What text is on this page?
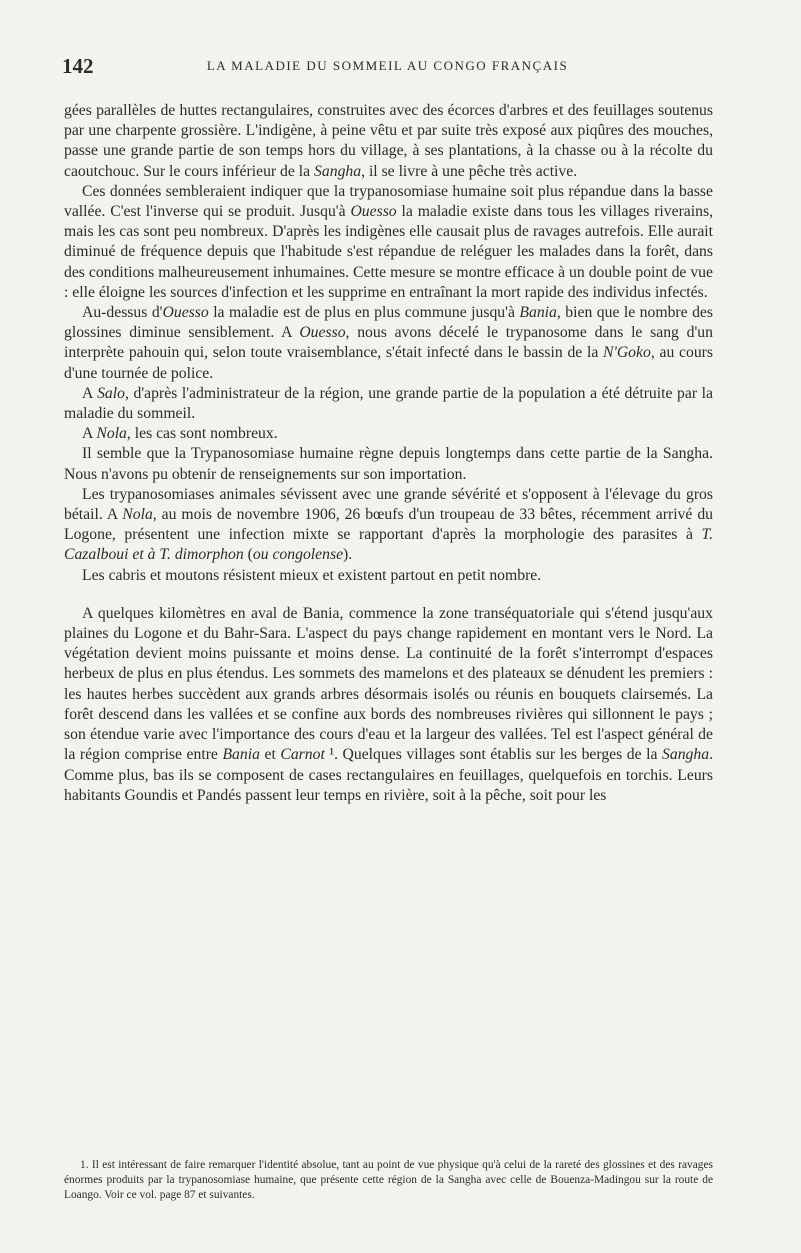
142	LA MALADIE DU SOMMEIL AU CONGO FRANÇAIS

gées parallèles de huttes rectangulaires, construites avec des écorces d'arbres et des feuillages soutenus par une charpente grossière. L'indigène, à peine vêtu et par suite très exposé aux piqûres des mouches, passe une grande partie de son temps hors du village, à ses plantations, à la chasse ou à la récolte du caoutchouc. Sur le cours inférieur de la Sangha, il se livre à une pêche très active.

Ces données sembleraient indiquer que la trypanosomiase humaine soit plus répandue dans la basse vallée. C'est l'inverse qui se produit. Jusqu'à Ouesso la maladie existe dans tous les villages riverains, mais les cas sont peu nombreux. D'après les indigènes elle causait plus de ravages autrefois. Elle aurait diminué de fréquence depuis que l'habitude s'est répandue de reléguer les malades dans la forêt, dans des conditions malheureusement inhumaines. Cette mesure se montre efficace à un double point de vue : elle éloigne les sources d'infection et les supprime en entraînant la mort rapide des individus infectés.

Au-dessus d'Ouesso la maladie est de plus en plus commune jusqu'à Bania, bien que le nombre des glossines diminue sensiblement. A Ouesso, nous avons décelé le trypanosome dans le sang d'un interprète pahouin qui, selon toute vraisemblance, s'était infecté dans le bassin de la N'Goko, au cours d'une tournée de police.

A Salo, d'après l'administrateur de la région, une grande partie de la population a été détruite par la maladie du sommeil.

A Nola, les cas sont nombreux.

Il semble que la Trypanosomiase humaine règne depuis longtemps dans cette partie de la Sangha. Nous n'avons pu obtenir de renseignements sur son importation.

Les trypanosomiases animales sévissent avec une grande sévérité et s'opposent à l'élevage du gros bétail. A Nola, au mois de novembre 1906, 26 bœufs d'un troupeau de 33 bêtes, récemment arrivé du Logone, présentent une infection mixte se rapportant d'après la morphologie des parasites à T. Cazalboui et à T. dimorphon (ou congolense).

Les cabris et moutons résistent mieux et existent partout en petit nombre.

A quelques kilomètres en aval de Bania, commence la zone transéquatoriale qui s'étend jusqu'aux plaines du Logone et du Bahr-Sara. L'aspect du pays change rapidement en montant vers le Nord. La végétation devient moins puissante et moins dense. La continuité de la forêt s'interrompt d'espaces herbeux de plus en plus étendus. Les sommets des mamelons et des plateaux se dénudent les premiers : les hautes herbes succèdent aux grands arbres désormais isolés ou réunis en bouquets clairsemés. La forêt descend dans les vallées et se confine aux bords des nombreuses rivières qui sillonnent le pays ; son étendue varie avec l'importance des cours d'eau et la largeur des vallées. Tel est l'aspect général de la région comprise entre Bania et Carnot ¹. Quelques villages sont établis sur les berges de la Sangha. Comme plus, bas ils se composent de cases rectangulaires en feuillages, quelquefois en torchis. Leurs habitants Goundis et Pandés passent leur temps en rivière, soit à la pêche, soit pour les

1. Il est intéressant de faire remarquer l'identité absolue, tant au point de vue physique qu'à celui de la rareté des glossines et des ravages énormes produits par la trypanosomiase humaine, que présente cette région de la Sangha avec celle de Bouenza-Madingou sur la route de Loango. Voir ce vol. page 87 et suivantes.
